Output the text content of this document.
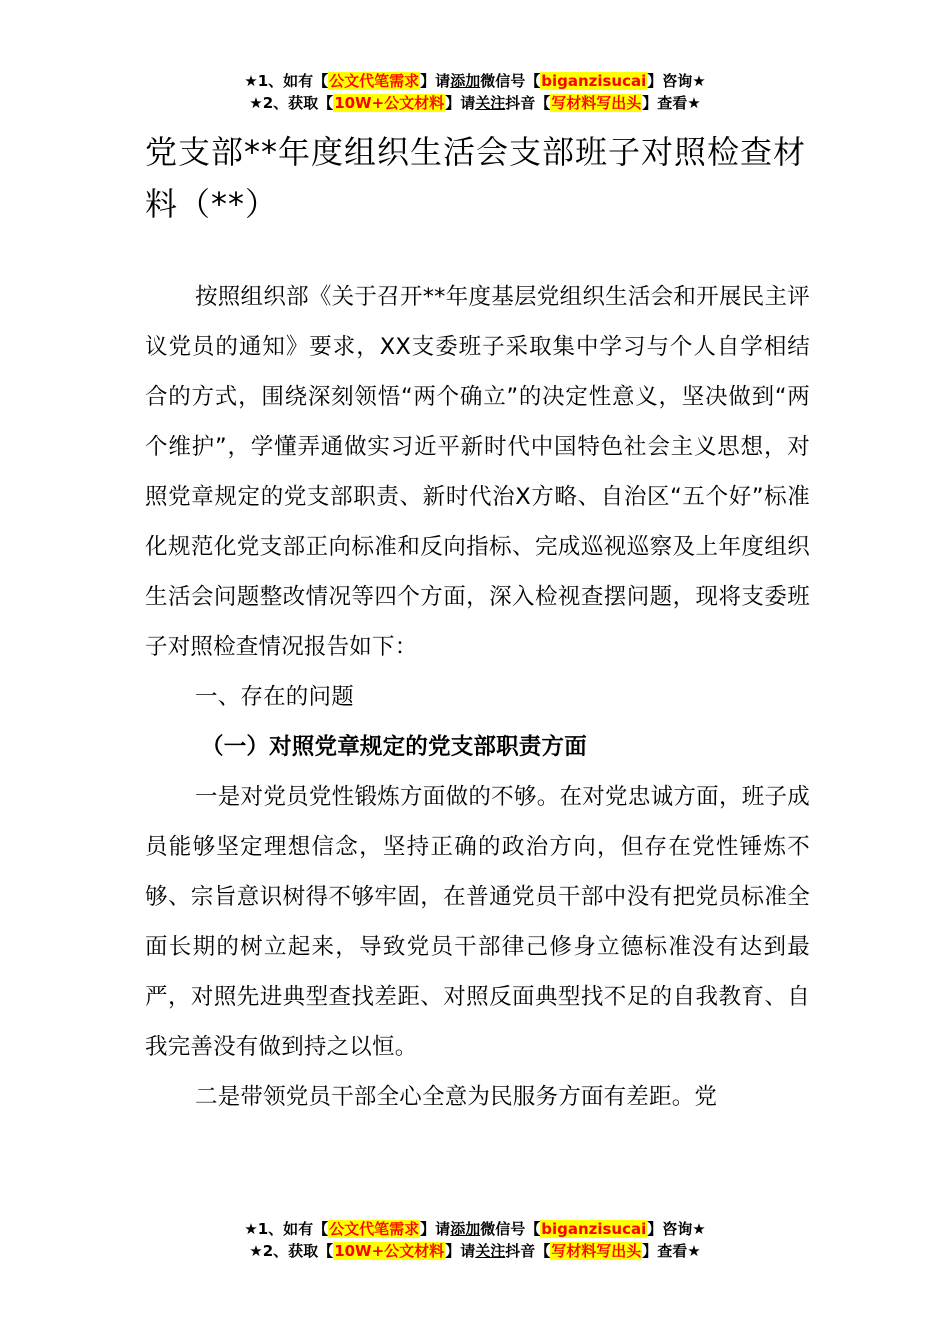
★1、如有【公文代笔需求】请添加微信号【biganzisucai】咨询★
★2、获取【10W+公文材料】请关注抖音【写材料写出头】查看★
党支部**年度组织生活会支部班子对照检查材料（**）

按照组织部《关于召开**年度基层党组织生活会和开展民主评议党员的通知》要求，XX支委班子采取集中学习与个人自学相结合的方式，围绕深刻领悟“两个确立”的决定性意义，坚决做到“两个维护”，学懂弄通做实习近平新时代中国特色社会主义思想，对照党章规定的党支部职责、新时代治X方略、自治区“五个好”标准化规范化党支部正向标准和反向指标、完成巡视巡察及上年度组织生活会问题整改情况等四个方面，深入检视查摆问题，现将支委班子对照检查情况报告如下：

一、存在的问题

（一）对照党章规定的党支部职责方面

一是对党员党性锻炼方面做的不够。在对党忠诚方面，班子成员能够坚定理想信念，坚持正确的政治方向，但存在党性锤炼不够、宗旨意识树得不够牢固，在普通党员干部中没有把党员标准全面长期的树立起来，导致党员干部律己修身立德标准没有达到最严，对照先进典型查找差距、对照反面典型找不足的自我教育、自我完善没有做到持之以恒。

二是带领党员干部全心全意为民服务方面有差距。党

★1、如有【公文代笔需求】请添加微信号【biganzisucai】咨询★
★2、获取【10W+公文材料】请关注抖音【写材料写出头】查看★
